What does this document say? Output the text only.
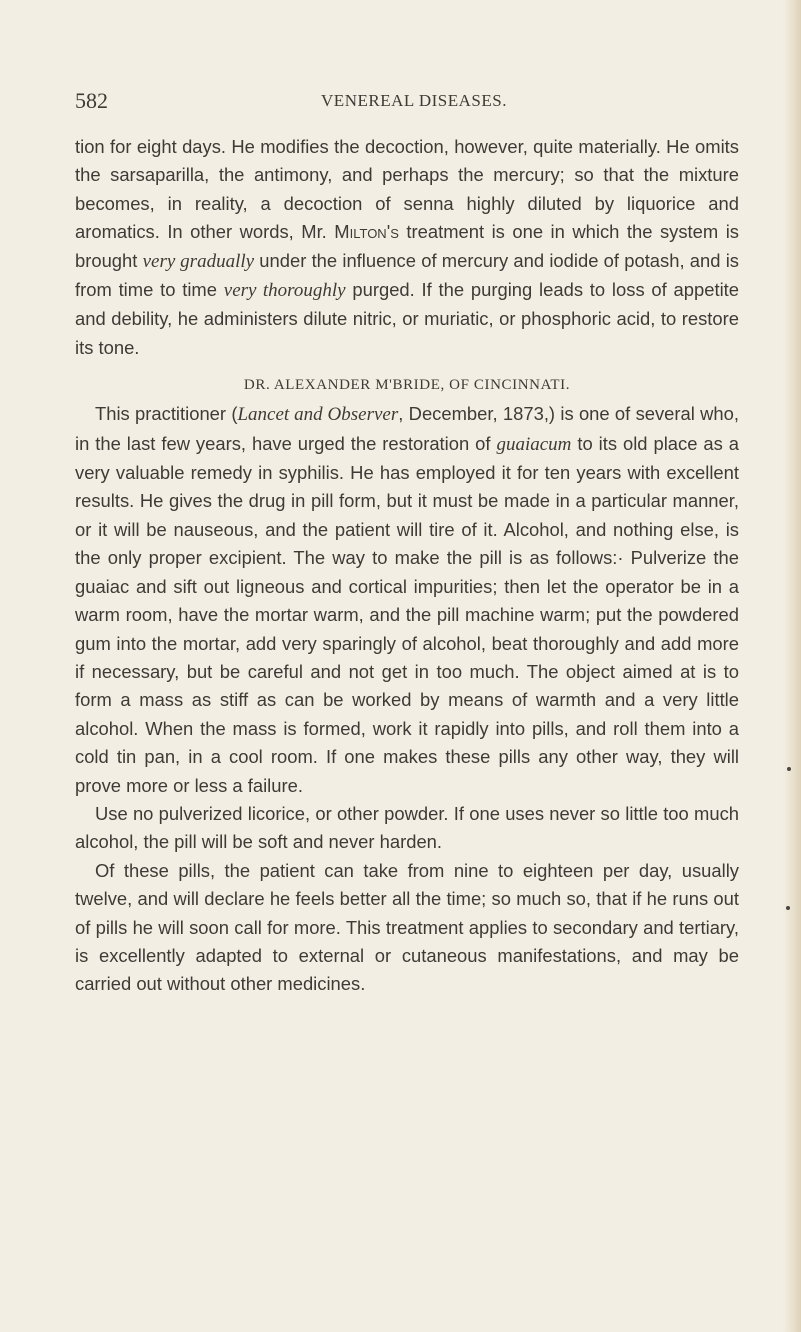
582	VENEREAL DISEASES.

tion for eight days. He modifies the decoction, however, quite materially. He omits the sarsaparilla, the antimony, and perhaps the mercury; so that the mixture becomes, in reality, a decoction of senna highly diluted by liquorice and aromatics. In other words, Mr. Milton's treatment is one in which the system is brought very gradually under the influence of mercury and iodide of potash, and is from time to time very thoroughly purged. If the purging leads to loss of appetite and debility, he administers dilute nitric, or muriatic, or phosphoric acid, to restore its tone.

DR. ALEXANDER M'BRIDE, OF CINCINNATI.

This practitioner (Lancet and Observer, December, 1873,) is one of several who, in the last few years, have urged the restoration of guaiacum to its old place as a very valuable remedy in syphilis. He has employed it for ten years with excellent results. He gives the drug in pill form, but it must be made in a particular manner, or it will be nauseous, and the patient will tire of it. Alcohol, and nothing else, is the only proper excipient. The way to make the pill is as follows:· Pulverize the guaiac and sift out ligneous and cortical impurities; then let the operator be in a warm room, have the mortar warm, and the pill machine warm; put the powdered gum into the mortar, add very sparingly of alcohol, beat thoroughly and add more if necessary, but be careful and not get in too much. The object aimed at is to form a mass as stiff as can be worked by means of warmth and a very little alcohol. When the mass is formed, work it rapidly into pills, and roll them into a cold tin pan, in a cool room. If one makes these pills any other way, they will prove more or less a failure.

Use no pulverized licorice, or other powder. If one uses never so little too much alcohol, the pill will be soft and never harden.

Of these pills, the patient can take from nine to eighteen per day, usually twelve, and will declare he feels better all the time; so much so, that if he runs out of pills he will soon call for more. This treatment applies to secondary and tertiary, is excellently adapted to external or cutaneous manifestations, and may be carried out without other medicines.
